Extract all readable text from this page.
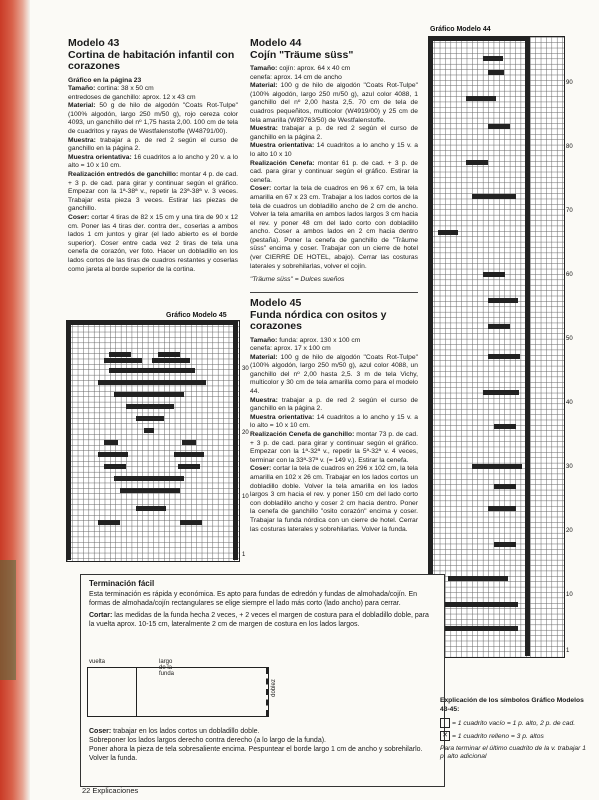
Modelo 43
Cortina de habitación infantil con corazones
Gráfico en la página 23

Tamaño: cortina: 38 x 50 cm
entredoses de ganchillo: aprox. 12 x 43 cm

Material: 50 g de hilo de algodón "Coats Rot-Tulpe" (100% algodón, largo 250 m/50 g), rojo cereza color 4093, un ganchillo del nº 1,75 hasta 2,00. 100 cm de tela de cuadritos y rayas de Westfalenstoffe (W48791/00).

Muestra: trabajar a p. de red 2 según el curso de ganchillo en la página 2.

Muestra orientativa: 16 cuadritos a lo ancho y 20 v. a lo alto = 10 x 10 cm.

Realización entredós de ganchillo: montar 4 p. de cad. + 3 p. de cad. para girar y continuar según el gráfico. Empezar con la 1ª-38ª v., repetir la 23ª-38ª v. 3 veces. Trabajar esta pieza 3 veces. Estirar las piezas de ganchillo.

Coser: cortar 4 tiras de 82 x 15 cm y una tira de 90 x 12 cm. Poner las 4 tiras der. contra der., coserlas a ambos lados 1 cm juntos y girar (el lado abierto es el borde superior). Coser entre cada vez 2 tiras de tela una cenefa de corazón, ver foto. Hacer un dobladillo en los lados cortos de las tiras de cuadros restantes y coserlas como jareta al borde superior de la cortina.

Gráfico Modelo 45
30
20
10
1
Modelo 44
Cojín "Träume süss"

Tamaño: cojín: aprox. 64 x 40 cm
cenefa: aprox. 14 cm de ancho

Material: 100 g de hilo de algodón "Coats Rot-Tulpe" (100% algodón, largo 250 m/50 g), azul color 4088, 1 ganchillo del nº 2,00 hasta 2,5. 70 cm de tela de cuadros pequeñitos, multicolor (W4919/00) y 25 cm de tela amarilla (W89763/50) de Westfalenstoffe.

Muestra: trabajar a p. de red 2 según el curso de ganchillo en la página 2.

Muestra orientativa: 14 cuadritos a lo ancho y 15 v. a lo alto 10 x 10

Realización Cenefa: montar 61 p. de cad. + 3 p. de cad. para girar y continuar según el gráfico. Estirar la cenefa.

Coser: cortar la tela de cuadros en 96 x 67 cm, la tela amarilla en 67 x 23 cm. Trabajar a los lados cortos de la tela de cuadros un dobladillo ancho de 2 cm de ancho. Volver la tela amarilla en ambos lados largos 3 cm hacia el rev. y poner 48 cm del lado corto con dobladillo ancho. Coser a ambos lados en 2 cm hacia dentro (pestaña). Poner la cenefa de ganchillo de "Träume süss" encima y coser. Trabajar con un cierre de hotel (ver CIERRE DE HOTEL, abajo). Cerrar las costuras laterales y sobrehilarlas, volver el cojín.

"Träume süss" = Dulces sueños

Modelo 45
Funda nórdica con ositos y corazones

Tamaño: funda: aprox. 130 x 100 cm
cenefa: aprox. 17 x 100 cm

Material: 100 g de hilo de algodón "Coats Rot-Tulpe" (100% algodón, largo 250 m/50 g), azul color 4088, un ganchillo del nº 2,00 hasta 2,5. 3 m de tela Vichy, multicolor y 30 cm de tela amarilla como para el modelo 44.

Muestra: trabajar a p. de red 2 según el curso de ganchillo en la página 2.

Muestra orientativa: 14 cuadritos a lo ancho y 15 v. a lo alto = 10 x 10 cm.

Realización Cenefa de ganchillo: montar 73 p. de cad. + 3 p. de cad. para girar y continuar según el gráfico. Empezar con la 1ª-32ª v., repetir la 5ª-32ª v. 4 veces, terminar con la 33ª-37ª v. (= 149 v.). Estirar la cenefa.

Coser: cortar la tela de cuadros en 296 x 102 cm, la tela amarilla en 102 x 26 cm. Trabajar en los lados cortos un dobladillo doble. Volver la tela amarilla en los lados largos 3 cm hacia el rev. y poner 150 cm del lado corto con dobladillo ancho y coser 2 cm hacia dentro. Poner la cenefa de ganchillo "osito corazón" encima y coser. Trabajar la funda nórdica con un cierre de hotel. Cerrar las costuras laterales y sobrehilarlas. Volver la funda.

Gráfico Modelo 44
90
80
70
60
50
40
30
20
10
1

Terminación fácil

Esta terminación es rápida y económica. Es apto para fundas de edredón y fundas de almohada/cojín. En formas de almohada/cojín rectangulares se elige siempre el lado más corto (lado ancho) para cerrar.

Cortar: las medidas de la funda hecha 2 veces, + 2 veces el margen de costura para el dobladillo doble, para la vuelta aprox. 10-15 cm, lateralmente 2 cm de margen de costura en los lados largos.

vuelta	largo de la funda
doblez

Coser: trabajar en los lados cortos un dobladillo doble.

Sobreponer los lados largos derecho contra derecho (a lo largo de la funda).

Poner ahora la pieza de tela sobresaliente encima. Pespuntear el borde largo 1 cm de ancho y sobrehilarlo. Volver la funda.

Explicación de los símbolos Gráfico Modelos 43-45:

= 1 cuadrito vacío = 1 p. alto, 2 p. de cad.

✕ = 1 cuadrito relleno = 3 p. altos

Para terminar el último cuadrito de la v. trabajar 1 p. alto adicional

22 Explicaciones
